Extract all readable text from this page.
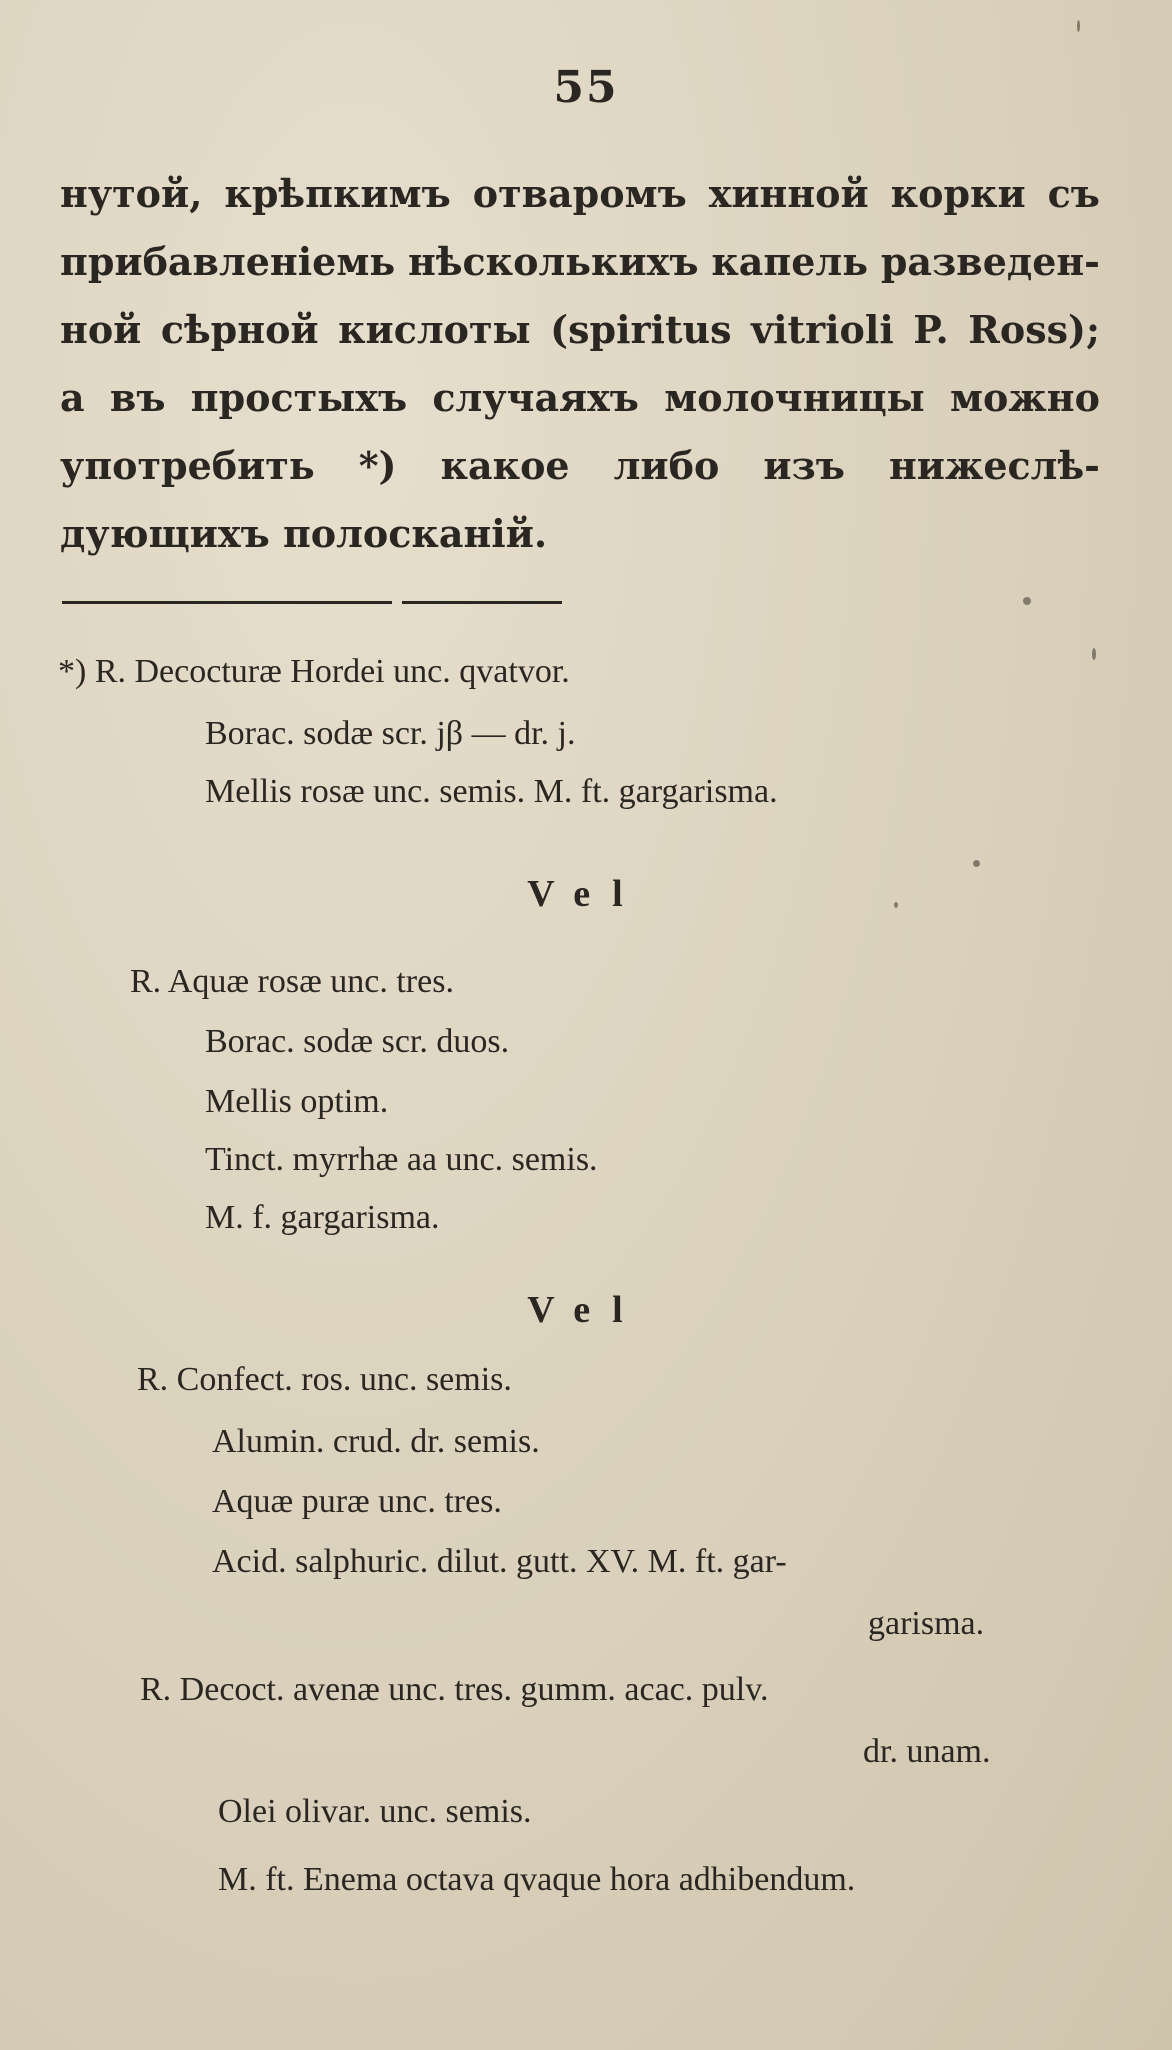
55
нутой, крѣпкимъ отваромъ хинной корки съ
прибавленіемь нѣсколькихъ капель разведен-
ной сѣрной кислоты (spiritus vitrioli P. Ross);
а въ простыхъ случаяхъ молочницы можно
употребить *) какое либо изъ нижеслѣ-
дующихъ полосканій.
*) R. Decocturæ Hordei unc. qvatvor.
Borac. sodæ scr. jβ — dr. j.
Mellis rosæ unc. semis. M. ft. gargarisma.
Vel
R. Aquæ rosæ unc. tres.
Borac. sodæ scr. duos.
Mellis optim.
Tinct. myrrhæ aa unc. semis.
M. f. gargarisma.
Vel
R. Confect. ros. unc. semis.
Alumin. crud. dr. semis.
Aquæ puræ unc. tres.
Acid. salphuric. dilut. gutt. XV. M. ft. gar-
garisma.
R. Decoct. avenæ unc. tres. gumm. acac. pulv.
dr. unam.
Olei olivar. unc. semis.
M. ft. Enema octava qvaque hora adhibendum.
